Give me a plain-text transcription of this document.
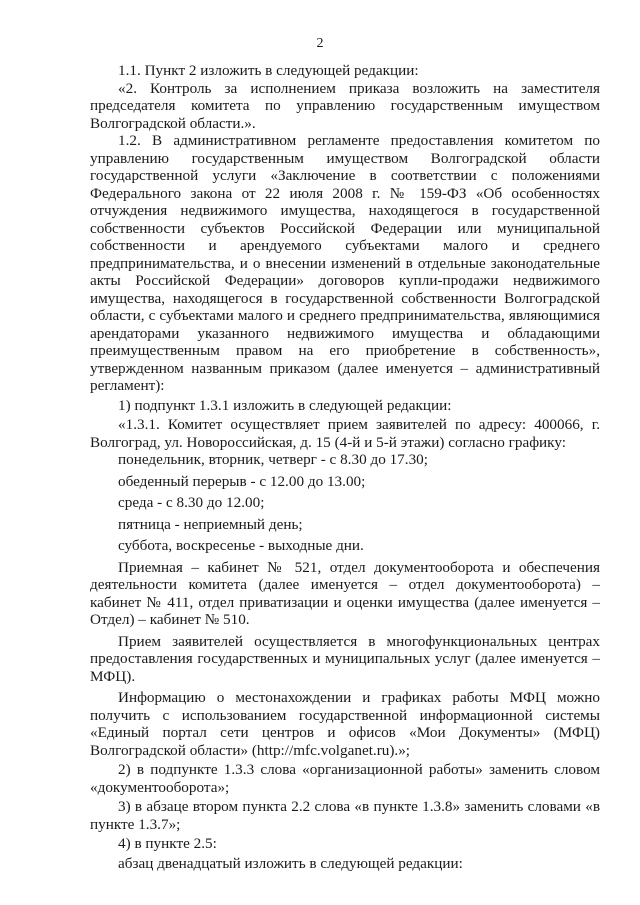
2

1.1. Пункт 2 изложить в следующей редакции:

«2. Контроль за исполнением приказа возложить на заместителя председателя комитета по управлению государственным имуществом Волгоградской области.».

1.2. В административном регламенте предоставления комитетом по управлению государственным имуществом Волгоградской области государственной услуги «Заключение в соответствии с положениями Федерального закона от 22 июля 2008 г. № 159-ФЗ «Об особенностях отчуждения недвижимого имущества, находящегося в государственной собственности субъектов Российской Федерации или муниципальной собственности и арендуемого субъектами малого и среднего предпринимательства, и о внесении изменений в отдельные законодательные акты Российской Федерации» договоров купли-продажи недвижимого имущества, находящегося в государственной собственности Волгоградской области, с субъектами малого и среднего предпринимательства, являющимися арендаторами указанного недвижимого имущества и обладающими преимущественным правом на его приобретение в собственность», утвержденном названным приказом (далее именуется – административный регламент):

1) подпункт 1.3.1 изложить в следующей редакции:

«1.3.1. Комитет осуществляет прием заявителей по адресу: 400066, г. Волгоград, ул. Новороссийская, д. 15 (4-й и 5-й этажи) согласно графику:

понедельник, вторник, четверг - с 8.30 до 17.30;

обеденный перерыв - с 12.00 до 13.00;

среда - с 8.30 до 12.00;

пятница - неприемный день;

суббота, воскресенье - выходные дни.

Приемная – кабинет № 521, отдел документооборота и обеспечения деятельности комитета (далее именуется – отдел документооборота) – кабинет № 411, отдел приватизации и оценки имущества (далее именуется – Отдел) – кабинет № 510.

Прием заявителей осуществляется в многофункциональных центрах предоставления государственных и муниципальных услуг (далее именуется – МФЦ).

Информацию о местонахождении и графиках работы МФЦ можно получить с использованием государственной информационной системы «Единый портал сети центров и офисов «Мои Документы» (МФЦ) Волгоградской области» (http://mfc.volganet.ru).»;

2) в подпункте 1.3.3 слова «организационной работы» заменить словом «документооборота»;

3) в абзаце втором пункта 2.2 слова «в пункте 1.3.8» заменить словами «в пункте 1.3.7»;

4) в пункте 2.5:

абзац двенадцатый изложить в следующей редакции:
